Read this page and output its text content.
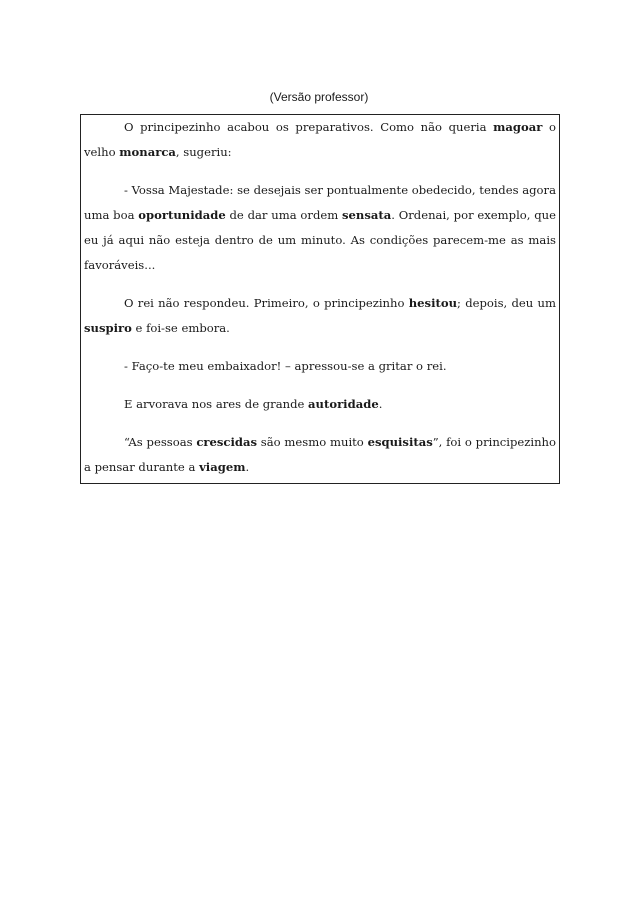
(Versão professor)

O principezinho acabou os preparativos. Como não queria magoar o velho monarca, sugeriu:

- Vossa Majestade: se desejais ser pontualmente obedecido, tendes agora uma boa oportunidade de dar uma ordem sensata. Ordenai, por exemplo, que eu já aqui não esteja dentro de um minuto. As condições parecem-me as mais favoráveis...

O rei não respondeu. Primeiro, o principezinho hesitou; depois, deu um suspiro e foi-se embora.

- Faço-te meu embaixador! – apressou-se a gritar o rei.

E arvorava nos ares de grande autoridade.

“As pessoas crescidas são mesmo muito esquisitas”, foi o principezinho a pensar durante a viagem.
